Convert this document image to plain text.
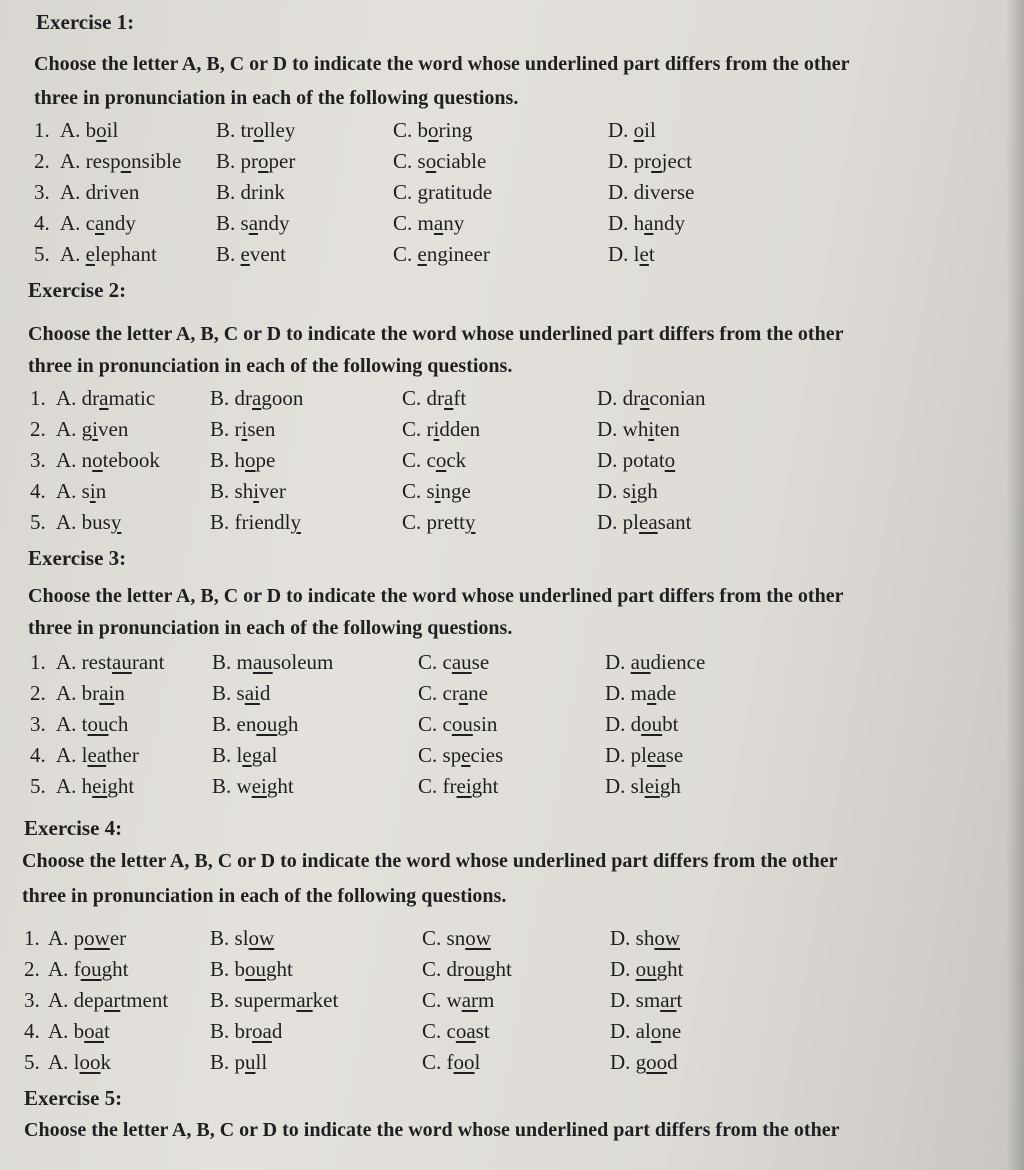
Exercise 1:
Choose the letter A, B, C or D to indicate the word whose underlined part differs from the other
three in pronunciation in each of the following questions.
1. A. boil	B. trolley	C. boring	D. oil
2. A. responsible B. proper	C. sociable	D. project
3. A. driven	B. drink	C. gratitude	D. diverse
4. A. candy	B. sandy	C. many	D. handy
5. A. elephant	B. event	C. engineer	D. let
Exercise 2:
Choose the letter A, B, C or D to indicate the word whose underlined part differs from the other
three in pronunciation in each of the following questions.
1. A. dramatic	B. dragoon	C. draft	D. draconian
2. A. given	B. risen	C. ridden	D. whiten
3. A. notebook B. hope	C. cock	D. potato
4. A. sin	B. shiver	C. singe	D. sigh
5. A. busy	B. friendly	C. pretty	D. pleasant
Exercise 3:
Choose the letter A, B, C or D to indicate the word whose underlined part differs from the other
three in pronunciation in each of the following questions.
1. A. restaurant B. mausoleum	C. cause	D. audience
2. A. brain	B. said	C. crane	D. made
3. A. touch	B. enough	C. cousin	D. doubt
4. A. leather	B. legal	C. species	D. please
5. A. height	B. weight	C. freight	D. sleigh
Exercise 4:
Choose the letter A, B, C or D to indicate the word whose underlined part differs from the other
three in pronunciation in each of the following questions.
1. A. power	B. slow	C. snow	D. show
2. A. fought	B. bought	C. drought	D. ought
3. A. department B. supermarket	C. warm	D. smart
4. A. boat	B. broad	C. coast	D. alone
5. A. look	B. pull	C. fool	D. good
Exercise 5:
Choose the letter A, B, C or D to indicate the word whose underlined part differs from the other
